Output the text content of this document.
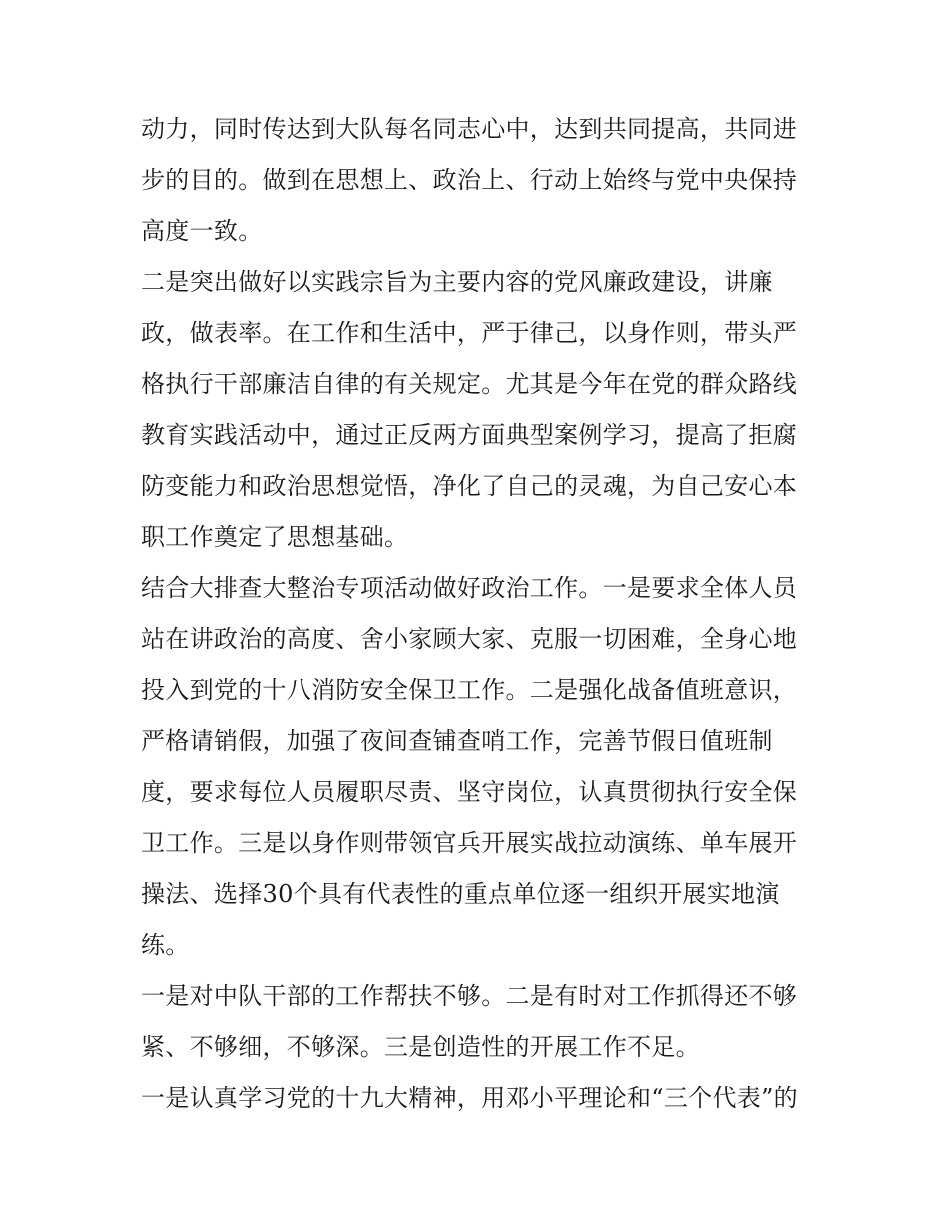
动力，同时传达到大队每名同志心中，达到共同提高，共同进
步的目的。做到在思想上、政治上、行动上始终与党中央保持
高度一致。
二是突出做好以实践宗旨为主要内容的党风廉政建设，讲廉
政，做表率。在工作和生活中，严于律己，以身作则，带头严
格执行干部廉洁自律的有关规定。尤其是今年在党的群众路线
教育实践活动中，通过正反两方面典型案例学习，提高了拒腐
防变能力和政治思想觉悟，净化了自己的灵魂，为自己安心本
职工作奠定了思想基础。
结合大排查大整治专项活动做好政治工作。一是要求全体人员
站在讲政治的高度、舍小家顾大家、克服一切困难，全身心地
投入到党的十八消防安全保卫工作。二是强化战备值班意识，
严格请销假，加强了夜间查铺查哨工作，完善节假日值班制
度，要求每位人员履职尽责、坚守岗位，认真贯彻执行安全保
卫工作。三是以身作则带领官兵开展实战拉动演练、单车展开
操法、选择30个具有代表性的重点单位逐一组织开展实地演
练。
一是对中队干部的工作帮扶不够。二是有时对工作抓得还不够
紧、不够细，不够深。三是创造性的开展工作不足。
一是认真学习党的十九大精神，用邓小平理论和“三个代表”的
